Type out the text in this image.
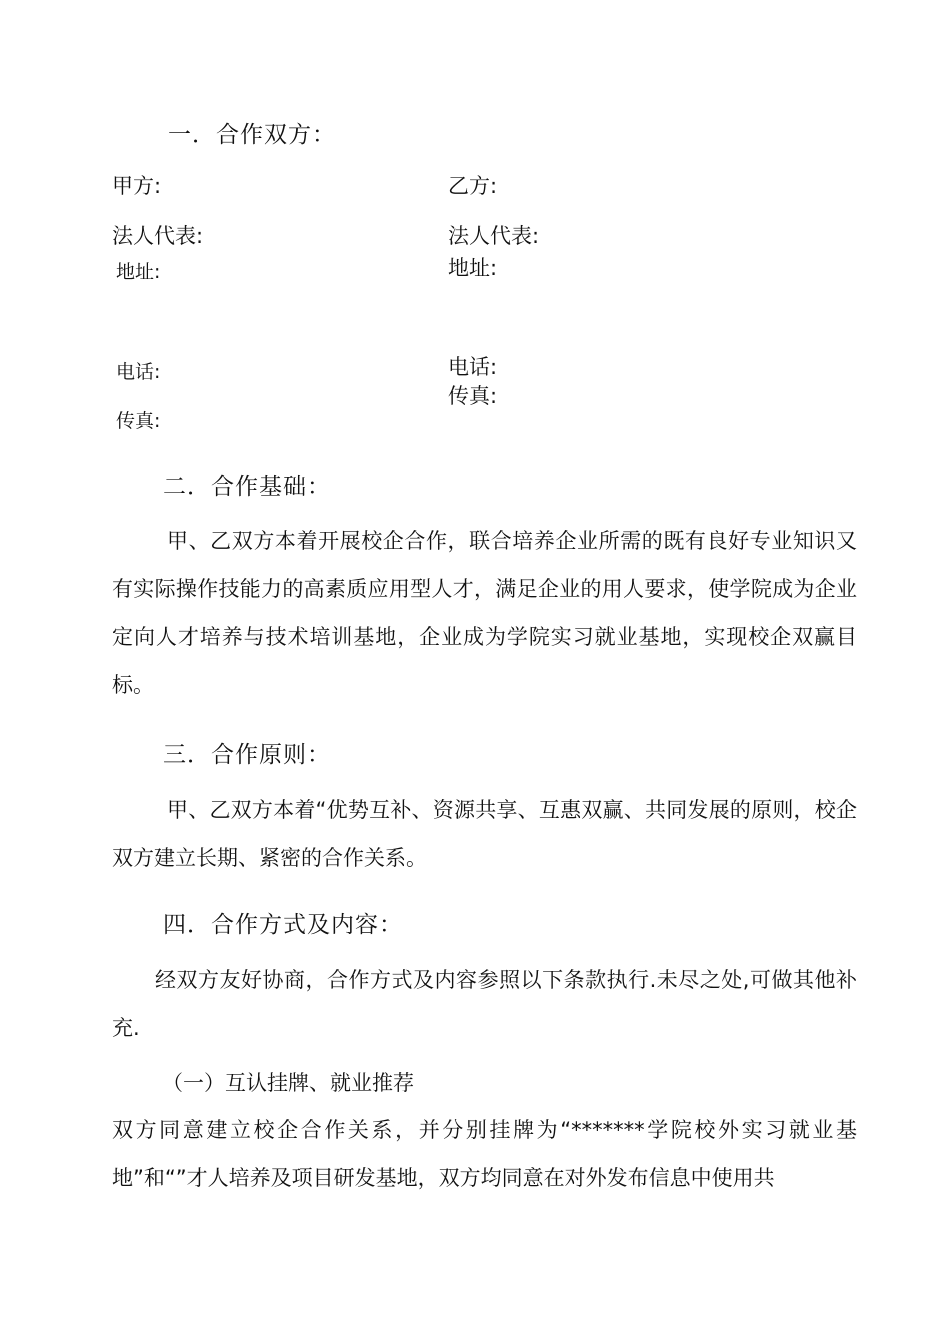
一．合作双方：
甲方:	乙方:
法人代表:	法人代表:
地址:	地址:
电话:	电话:
传真:
传真:
二．合作基础：
甲、乙双方本着开展校企合作，联合培养企业所需的既有良好专业知识又有实际操作技能力的高素质应用型人才，满足企业的用人要求，使学院成为企业定向人才培养与技术培训基地，企业成为学院实习就业基地，实现校企双赢目标。
三．合作原则：
甲、乙双方本着“优势互补、资源共享、互惠双赢、共同发展的原则，校企双方建立长期、紧密的合作关系。
四．合作方式及内容：
经双方友好协商，合作方式及内容参照以下条款执行.未尽之处,可做其他补充.
（一）互认挂牌、就业推荐
双方同意建立校企合作关系，并分别挂牌为“*******学院校外实习就业基地”和“”才人培养及项目研发基地，双方均同意在对外发布信息中使用共
